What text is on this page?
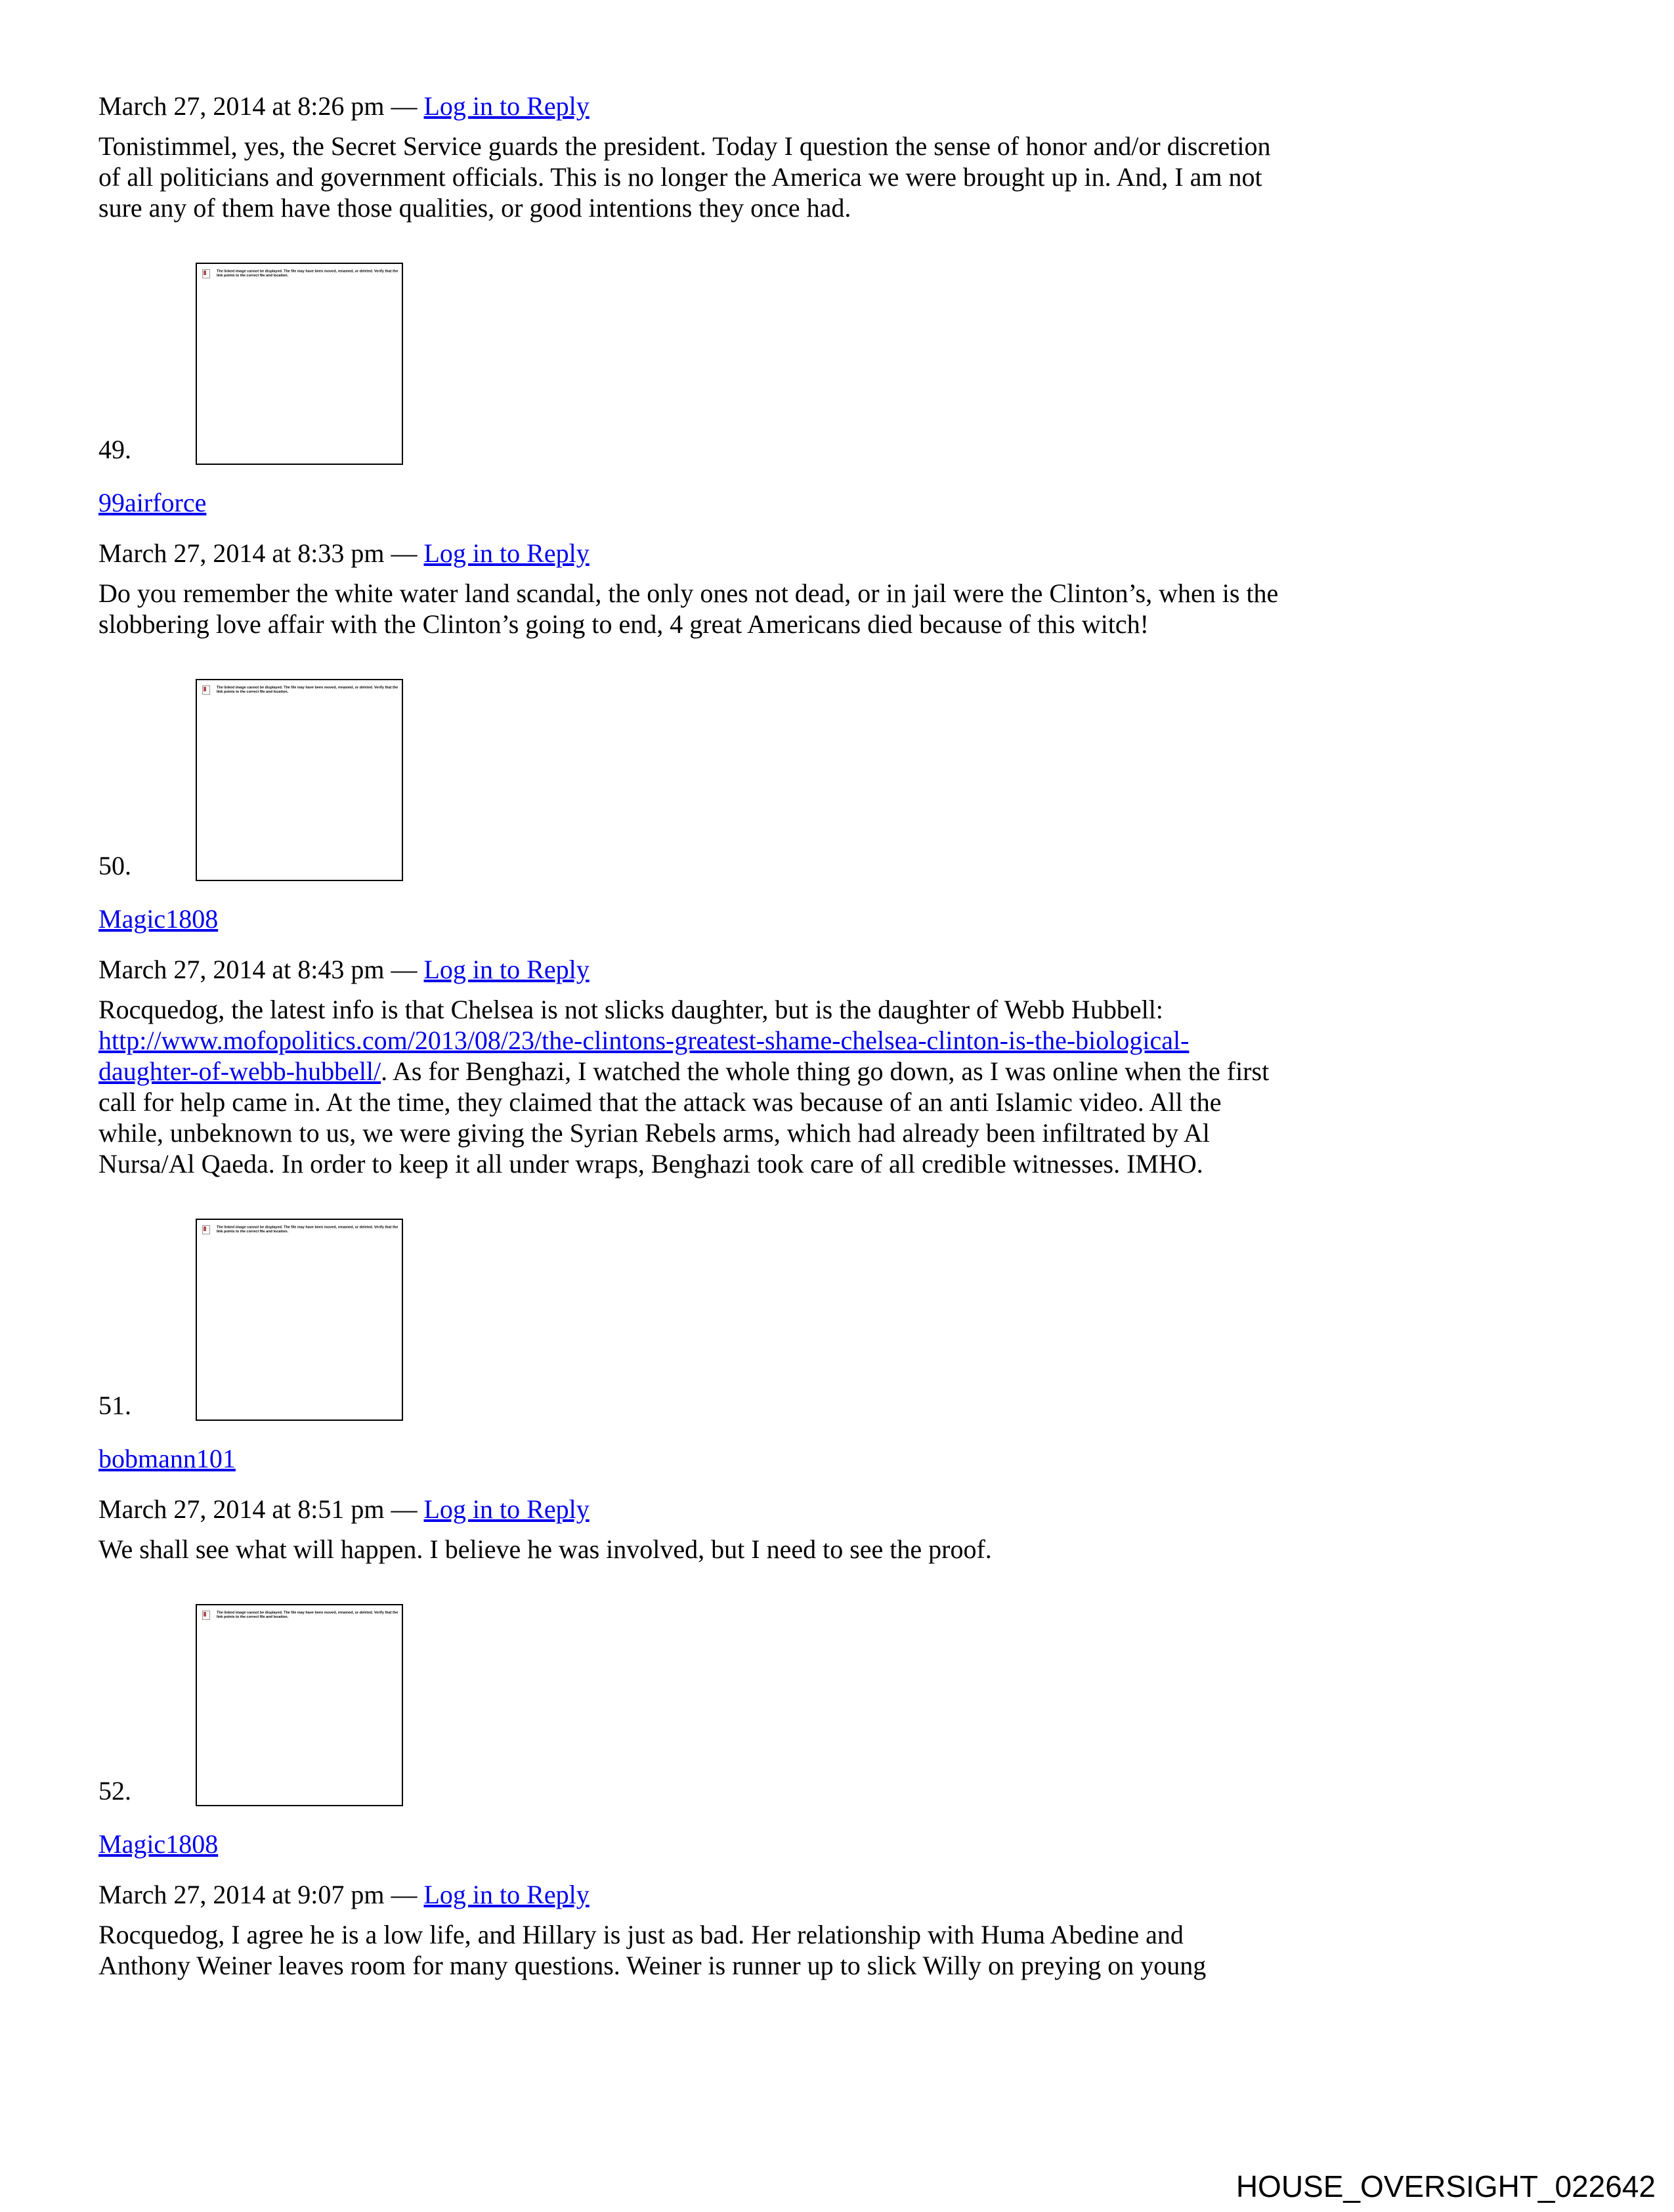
March 27, 2014 at 8:26 pm — Log in to Reply

Tonistimmel, yes, the Secret Service guards the president. Today I question the sense of honor and/or discretion
of all politicians and government officials. This is no longer the America we were brought up in. And, I am not
sure any of them have those qualities, or good intentions they once had.
49.
The linked image cannot be displayed. The file may have been moved, renamed, or deleted. Verify that the link points to the correct file and location.

99airforce

March 27, 2014 at 8:33 pm — Log in to Reply

Do you remember the white water land scandal, the only ones not dead, or in jail were the Clinton’s, when is the
slobbering love affair with the Clinton’s going to end, 4 great Americans died because of this witch!
50.
The linked image cannot be displayed. The file may have been moved, renamed, or deleted. Verify that the link points to the correct file and location.

Magic1808

March 27, 2014 at 8:43 pm — Log in to Reply

Rocquedog, the latest info is that Chelsea is not slicks daughter, but is the daughter of Webb Hubbell:
http://www.mofopolitics.com/2013/08/23/the-clintons-greatest-shame-chelsea-clinton-is-the-biological-
daughter-of-webb-hubbell/. As for Benghazi, I watched the whole thing go down, as I was online when the first
call for help came in. At the time, they claimed that the attack was because of an anti Islamic video. All the
while, unbeknown to us, we were giving the Syrian Rebels arms, which had already been infiltrated by Al
Nursa/Al Qaeda. In order to keep it all under wraps, Benghazi took care of all credible witnesses. IMHO.
51.
The linked image cannot be displayed. The file may have been moved, renamed, or deleted. Verify that the link points to the correct file and location.

bobmann101

March 27, 2014 at 8:51 pm — Log in to Reply

We shall see what will happen. I believe he was involved, but I need to see the proof.
52.
The linked image cannot be displayed. The file may have been moved, renamed, or deleted. Verify that the link points to the correct file and location.

Magic1808

March 27, 2014 at 9:07 pm — Log in to Reply

Rocquedog, I agree he is a low life, and Hillary is just as bad. Her relationship with Huma Abedine and
Anthony Weiner leaves room for many questions. Weiner is runner up to slick Willy on preying on young
HOUSE_OVERSIGHT_022642
